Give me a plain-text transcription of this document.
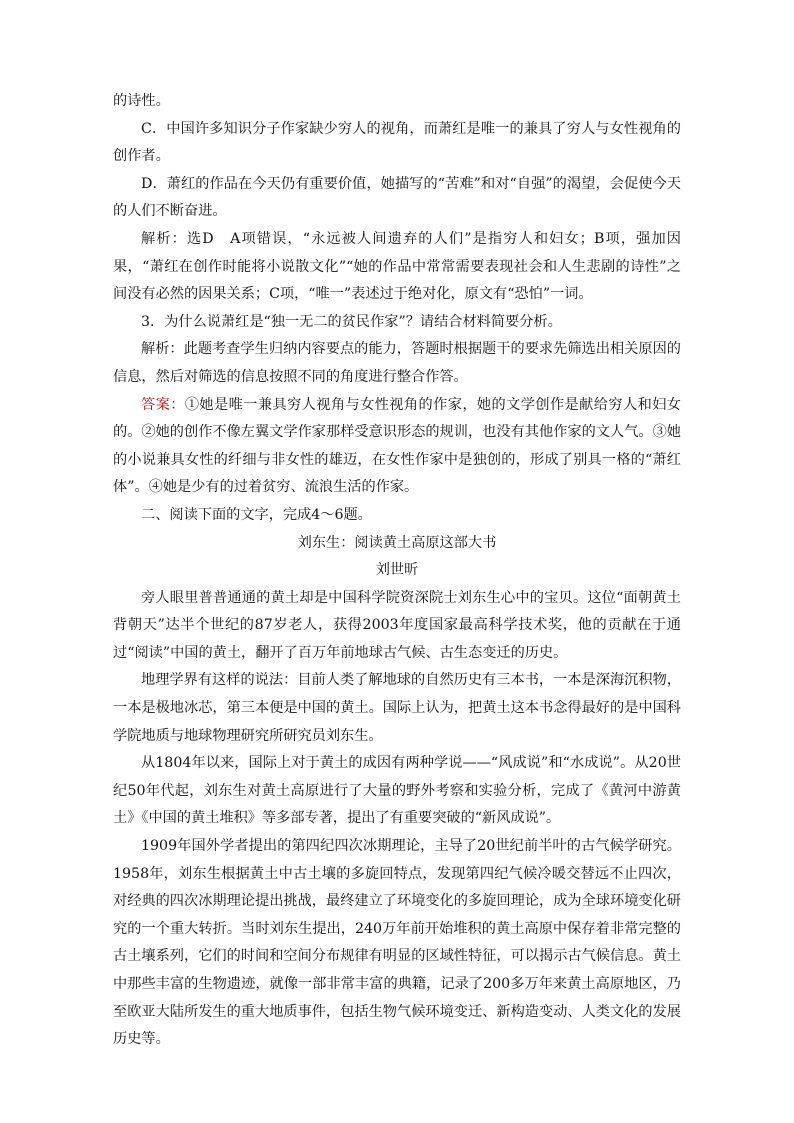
的诗性。

C．中国许多知识分子作家缺少穷人的视角，而萧红是唯一的兼具了穷人与女性视角的创作者。

D．萧红的作品在今天仍有重要价值，她描写的“苦难”和对“自强”的渴望，会促使今天的人们不断奋进。

解析：选D　A项错误，“永远被人间遗弃的人们”是指穷人和妇女；B项，强加因果，“萧红在创作时能将小说散文化”“她的作品中常常需要表现社会和人生悲剧的诗性”之间没有必然的因果关系；C项，“唯一”表述过于绝对化，原文有“恐怕”一词。

3．为什么说萧红是“独一无二的贫民作家”？请结合材料简要分析。

解析：此题考查学生归纳内容要点的能力，答题时根据题干的要求先筛选出相关原因的信息，然后对筛选的信息按照不同的角度进行整合作答。

答案：①她是唯一兼具穷人视角与女性视角的作家，她的文学创作是献给穷人和妇女的。②她的创作不像左翼文学作家那样受意识形态的规训，也没有其他作家的文人气。③她的小说兼具女性的纤细与非女性的雄迈，在女性作家中是独创的，形成了别具一格的“萧红体”。④她是少有的过着贫穷、流浪生活的作家。

二、阅读下面的文字，完成4～6题。

刘东生：阅读黄土高原这部大书

刘世昕

旁人眼里普普通通的黄土却是中国科学院资深院士刘东生心中的宝贝。这位“面朝黄土背朝天”达半个世纪的87岁老人，获得2003年度国家最高科学技术奖，他的贡献在于通过“阅读”中国的黄土，翻开了百万年前地球古气候、古生态变迁的历史。

地理学界有这样的说法：目前人类了解地球的自然历史有三本书，一本是深海沉积物，一本是极地冰芯，第三本便是中国的黄土。国际上认为，把黄土这本书念得最好的是中国科学院地质与地球物理研究所研究员刘东生。

从1804年以来，国际上对于黄土的成因有两种学说——“风成说”和“水成说”。从20世纪50年代起，刘东生对黄土高原进行了大量的野外考察和实验分析，完成了《黄河中游黄土》《中国的黄土堆积》等多部专著，提出了有重要突破的“新风成说”。

1909年国外学者提出的第四纪四次冰期理论，主导了20世纪前半叶的古气候学研究。1958年，刘东生根据黄土中古土壤的多旋回特点，发现第四纪气候冷暖交替远不止四次，对经典的四次冰期理论提出挑战，最终建立了环境变化的多旋回理论，成为全球环境变化研究的一个重大转折。当时刘东生提出，240万年前开始堆积的黄土高原中保存着非常完整的古土壤系列，它们的时间和空间分布规律有明显的区域性特征，可以揭示古气候信息。黄土中那些丰富的生物遗迹，就像一部非常丰富的典籍，记录了200多万年来黄土高原地区，乃至欧亚大陆所发生的重大地质事件，包括生物气候环境变迁、新构造变动、人类文化的发展历史等。
